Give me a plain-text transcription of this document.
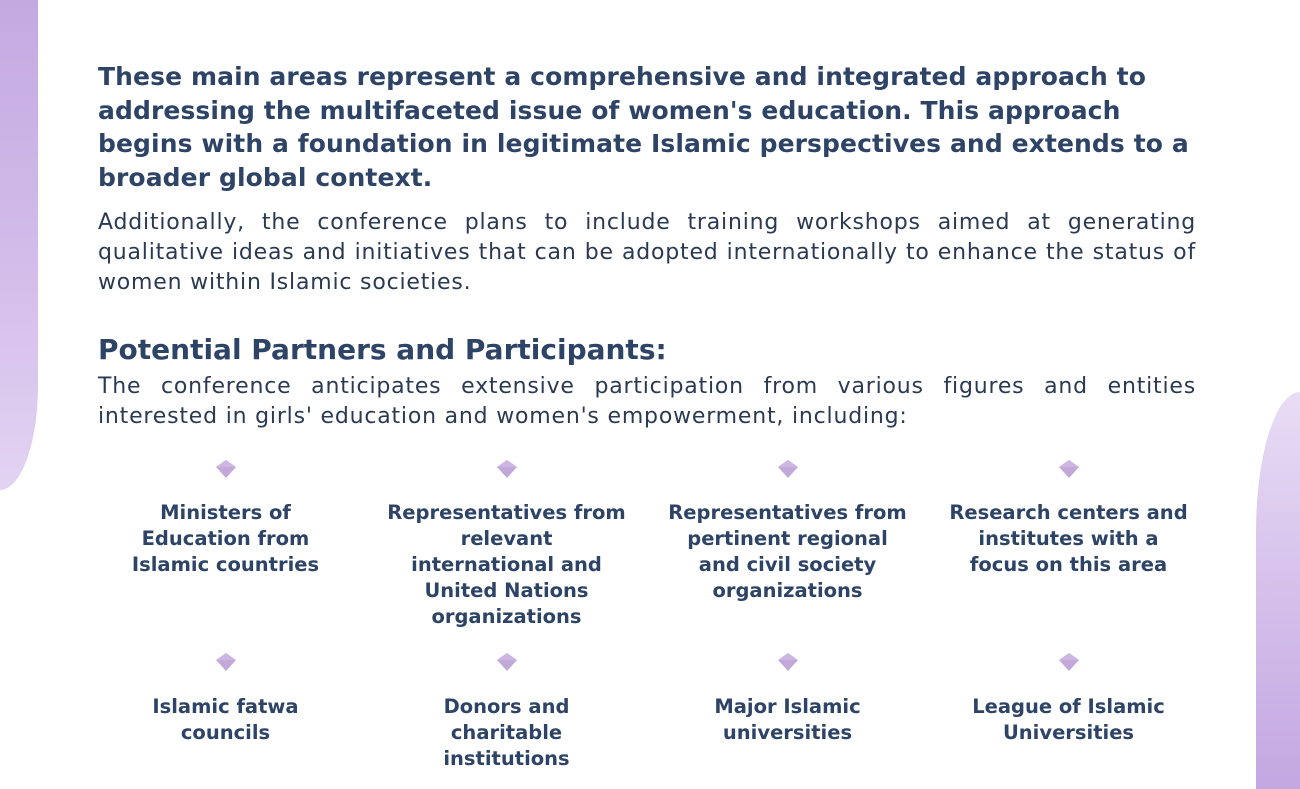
These main areas represent a comprehensive and integrated approach to addressing the multifaceted issue of women's education. This approach begins with a foundation in legitimate Islamic perspectives and extends to a broader global context.

Additionally, the conference plans to include training workshops aimed at generating qualitative ideas and initiatives that can be adopted internationally to enhance the status of women within Islamic societies.

Potential Partners and Participants:

The conference anticipates extensive participation from various figures and entities interested in girls' education and women's empowerment, including:

Ministers of Education from Islamic countries
Representatives from relevant international and United Nations organizations
Representatives from pertinent regional and civil society organizations
Research centers and institutes with a focus on this area
Islamic fatwa councils
Donors and charitable institutions
Major Islamic universities
League of Islamic Universities
